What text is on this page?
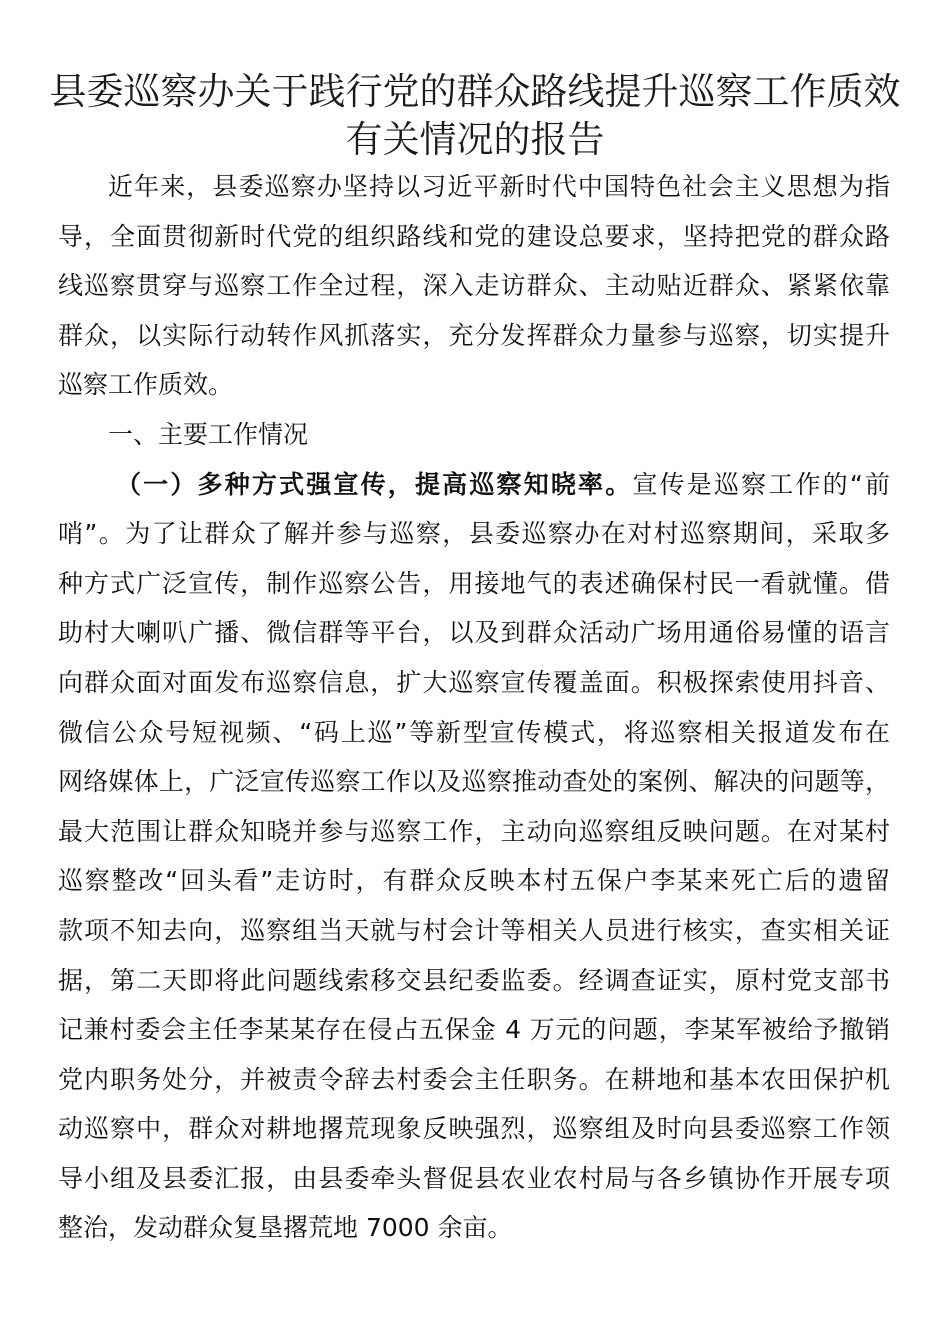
县委巡察办关于践行党的群众路线提升巡察工作质效
有关情况的报告
近年来，县委巡察办坚持以习近平新时代中国特色社会主义思想为指
导，全面贯彻新时代党的组织路线和党的建设总要求，坚持把党的群众路
线巡察贯穿与巡察工作全过程，深入走访群众、主动贴近群众、紧紧依靠
群众，以实际行动转作风抓落实，充分发挥群众力量参与巡察，切实提升
巡察工作质效。
一、主要工作情况
（一）多种方式强宣传，提高巡察知晓率。宣传是巡察工作的“前
哨”。为了让群众了解并参与巡察，县委巡察办在对村巡察期间，采取多
种方式广泛宣传，制作巡察公告，用接地气的表述确保村民一看就懂。借
助村大喇叭广播、微信群等平台，以及到群众活动广场用通俗易懂的语言
向群众面对面发布巡察信息，扩大巡察宣传覆盖面。积极探索使用抖音、
微信公众号短视频、“码上巡”等新型宣传模式，将巡察相关报道发布在
网络媒体上，广泛宣传巡察工作以及巡察推动查处的案例、解决的问题等，
最大范围让群众知晓并参与巡察工作，主动向巡察组反映问题。在对某村
巡察整改“回头看”走访时，有群众反映本村五保户李某来死亡后的遗留
款项不知去向，巡察组当天就与村会计等相关人员进行核实，查实相关证
据，第二天即将此问题线索移交县纪委监委。经调查证实，原村党支部书
记兼村委会主任李某某存在侵占五保金 4 万元的问题，李某军被给予撤销
党内职务处分，并被责令辞去村委会主任职务。在耕地和基本农田保护机
动巡察中，群众对耕地撂荒现象反映强烈，巡察组及时向县委巡察工作领
导小组及县委汇报，由县委牵头督促县农业农村局与各乡镇协作开展专项
整治，发动群众复垦撂荒地 7000 余亩。
